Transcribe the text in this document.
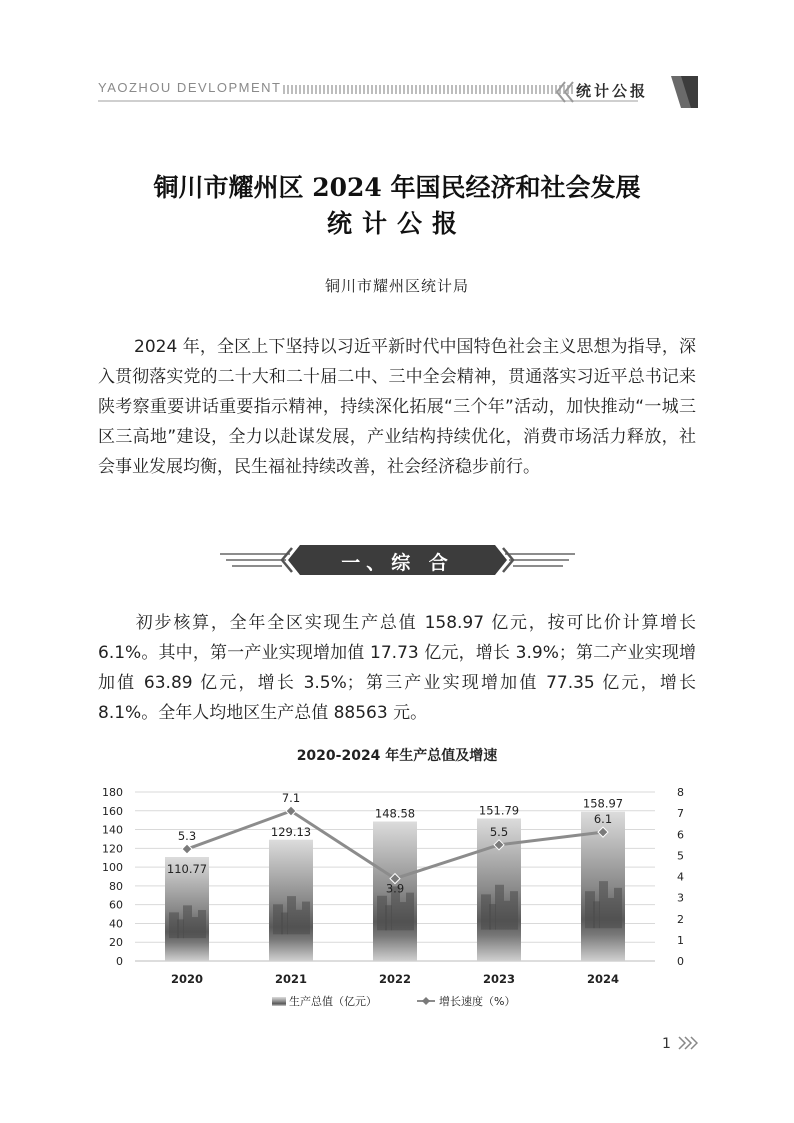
YAOZHOU DEVLOPMENT	统计公报
铜川市耀州区 2024 年国民经济和社会发展
统计公报
铜川市耀州区统计局
2024 年，全区上下坚持以习近平新时代中国特色社会主义思想为指导，深入贯彻落实党的二十大和二十届二中、三中全会精神，贯通落实习近平总书记来陕考察重要讲话重要指示精神，持续深化拓展“三个年”活动，加快推动“一城三区三高地”建设，全力以赴谋发展，产业结构持续优化，消费市场活力释放，社会事业发展均衡，民生福祉持续改善，社会经济稳步前行。
一、综 合
初步核算，全年全区实现生产总值 158.97 亿元，按可比价计算增长 6.1%。其中，第一产业实现增加值 17.73 亿元，增长 3.9%；第二产业实现增加值 63.89 亿元，增长 3.5%；第三产业实现增加值 77.35 亿元，增长 8.1%。全年人均地区生产总值 88563 元。
2020-2024 年生产总值及增速
0
20
40
60
80
100
120
140
160
180
0
1
2
3
4
5
6
7
8
110.77
2020
129.13
2021
148.58
2022
151.79
2023
158.97
2024
5.3
7.1
3.9
5.5
6.1
生产总值（亿元）	增长速度（%）
1
